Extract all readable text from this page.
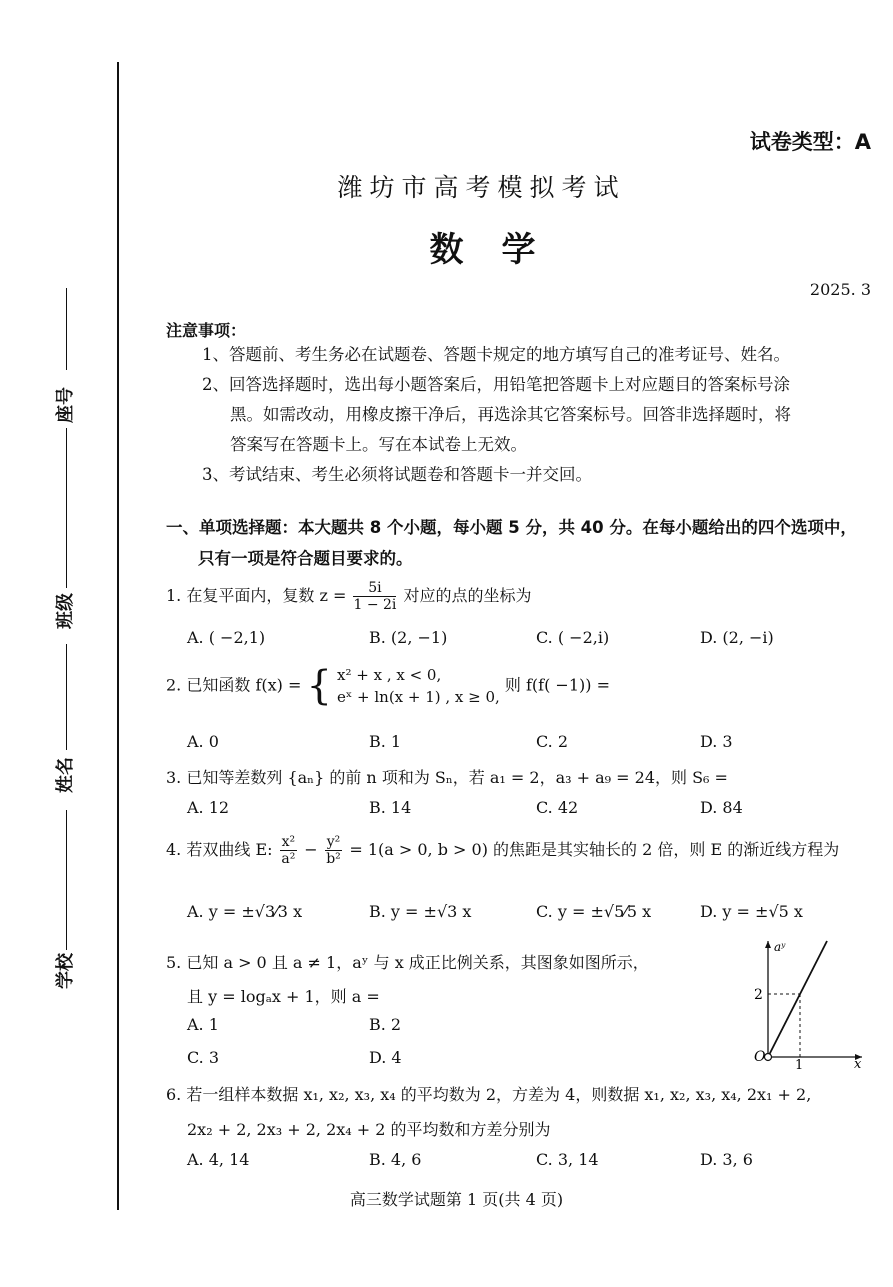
座号
班级
姓名
学校
试卷类型：A
潍坊市高考模拟考试
数学
2025. 3
注意事项：
1、答题前、考生务必在试题卷、答题卡规定的地方填写自己的准考证号、姓名。
2、回答选择题时，选出每小题答案后，用铅笔把答题卡上对应题目的答案标号涂
黑。如需改动，用橡皮擦干净后，再选涂其它答案标号。回答非选择题时，将
答案写在答题卡上。写在本试卷上无效。
3、考试结束、考生必须将试题卷和答题卡一并交回。
一、单项选择题：本大题共 8 个小题，每小题 5 分，共 40 分。在每小题给出的四个选项中，
只有一项是符合题目要求的。
1. 在复平面内，复数 $z = \frac{5i}{1 - 2i}$ 对应的点的坐标为
A. ( −2,1)	B. (2, −1)	C. ( −2,i)	D. (2, −i)
2. 已知函数 f(x) = { x² + x , x < 0,
eˣ + ln(x + 1) , x ≥ 0,
则 f(f( −1)) =
A. 0	B. 1	C. 2	D. 3
3. 已知等差数列 {aₙ} 的前 n 项和为 Sₙ，若 a₁ = 2，a₃ + a₉ = 24，则 S₆ =
A. 12	B. 14	C. 42	D. 84
4. 若双曲线 E: $\frac{\text{x²}}{\text{a²}} - \frac{\text{y²}}{\text{b²}} = 1(a > 0$, b > 0) 的焦距是其实轴长的 2 倍，则 E 的渐近线方程为
A. y = ±√3⁄3 x	B. y = ±√3 x	C. y = ±√5⁄5 x	D. y = ±√5 x
5. 已知 a > 0 且 a ≠ 1，aʸ 与 x 成正比例关系，其图象如图所示，
且 y = logₐx + 1，则 a =
A. 1	B. 2
C. 3	D. 4
aʸ
x
O
2
1
6. 若一组样本数据 x₁, x₂, x₃, x₄ 的平均数为 2，方差为 4，则数据 x₁, x₂, x₃, x₄, 2x₁ + 2,
2x₂ + 2, 2x₃ + 2, 2x₄ + 2 的平均数和方差分别为
A. 4, 14	B. 4, 6	C. 3, 14	D. 3, 6
高三数学试题第 1 页(共 4 页)
